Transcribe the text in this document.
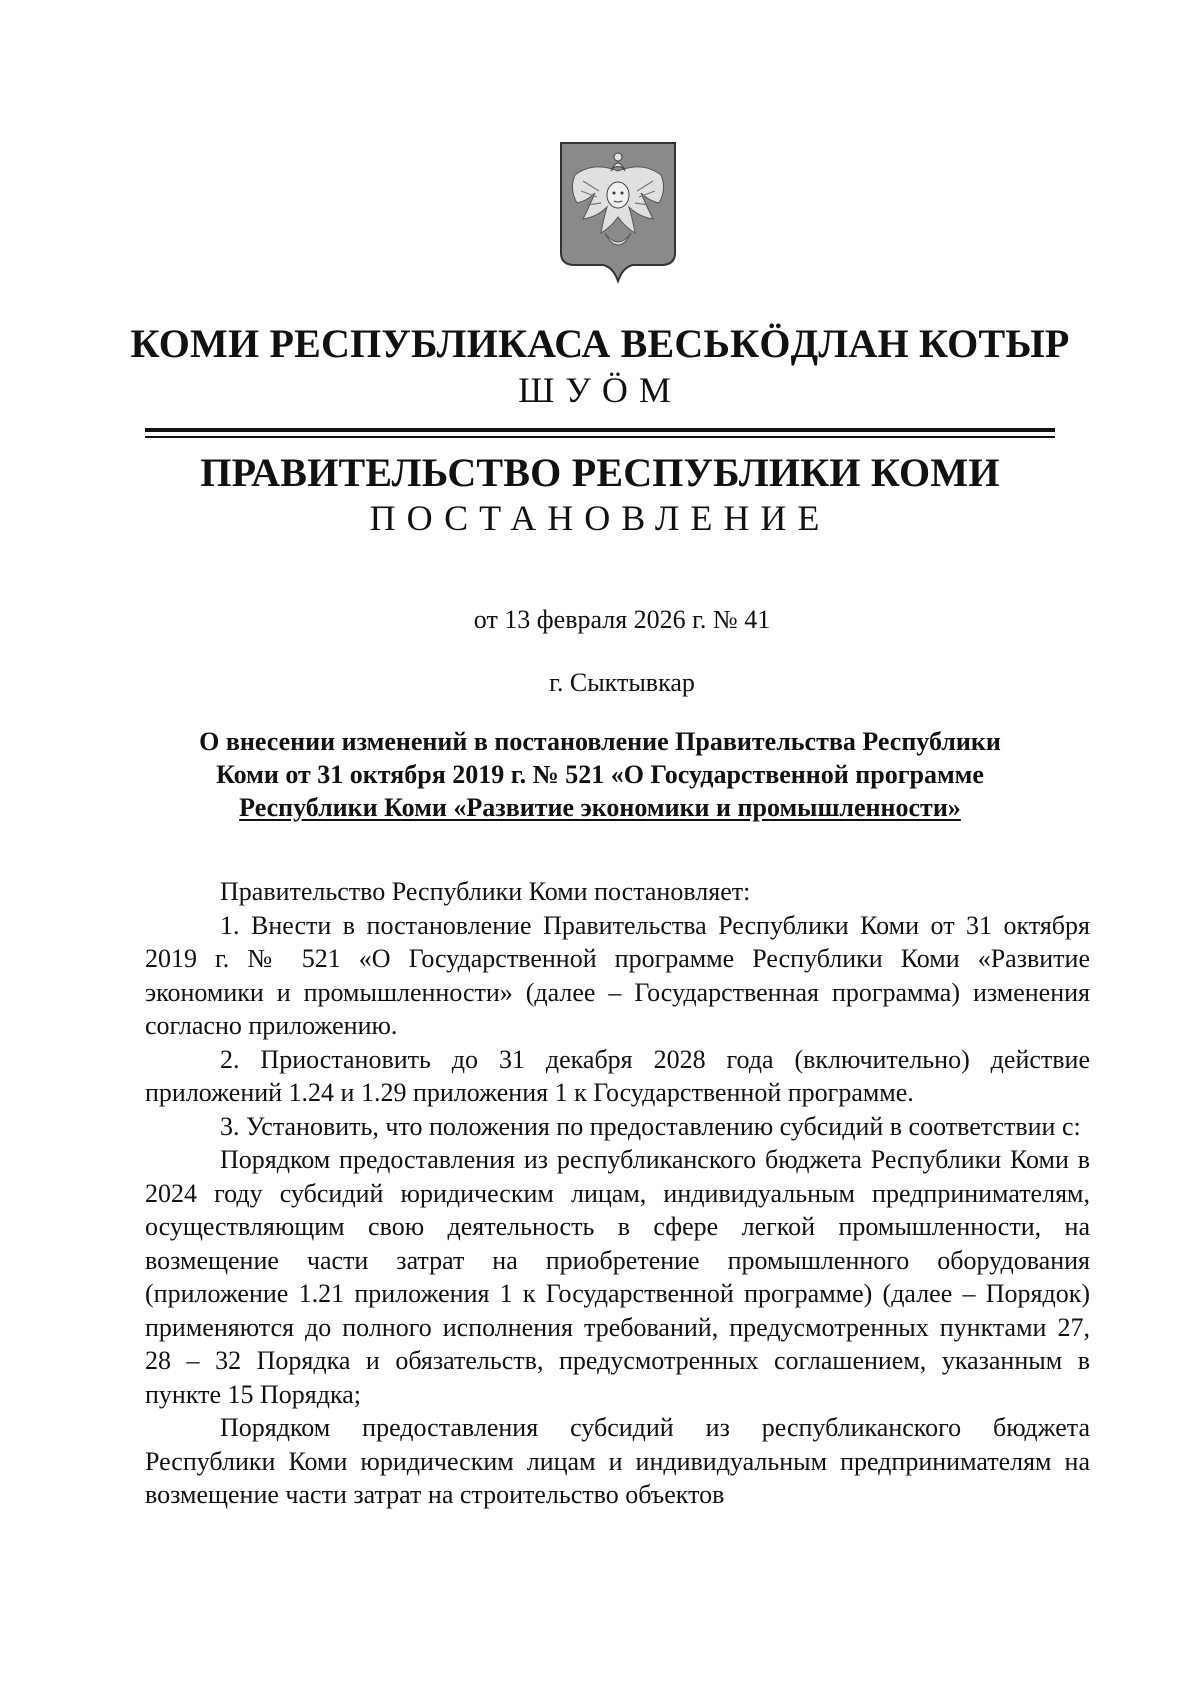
КОМИ РЕСПУБЛИКАСА ВЕСЬКӦДЛАН КОТЫР
ШУӦМ
ПРАВИТЕЛЬСТВО РЕСПУБЛИКИ КОМИ
ПОСТАНОВЛЕНИЕ
от 13 февраля 2026 г. № 41
г. Сыктывкар
О внесении изменений в постановление Правительства Республики
Коми от 31 октября 2019 г. № 521 «О Государственной программе
Республики Коми «Развитие экономики и промышленности»

Правительство Республики Коми постановляет:

1. Внести в постановление Правительства Республики Коми от 31 октября 2019 г. № 521 «О Государственной программе Республики Коми «Развитие экономики и промышленности» (далее – Государственная программа) изменения согласно приложению.

2. Приостановить до 31 декабря 2028 года (включительно) действие приложений 1.24 и 1.29 приложения 1 к Государственной программе.

3. Установить, что положения по предоставлению субсидий в соответствии с:

Порядком предоставления из республиканского бюджета Республики Коми в 2024 году субсидий юридическим лицам, индивидуальным предпринимателям, осуществляющим свою деятельность в сфере легкой промышленности, на возмещение части затрат на приобретение промышленного оборудования (приложение 1.21 приложения 1 к Государственной программе) (далее – Порядок) применяются до полного исполнения требований, предусмотренных пунктами 27, 28 – 32 Порядка и обязательств, предусмотренных соглашением, указанным в пункте 15 Порядка;

Порядком предоставления субсидий из республиканского бюджета Республики Коми юридическим лицам и индивидуальным предпринимателям на возмещение части затрат на строительство объектов
